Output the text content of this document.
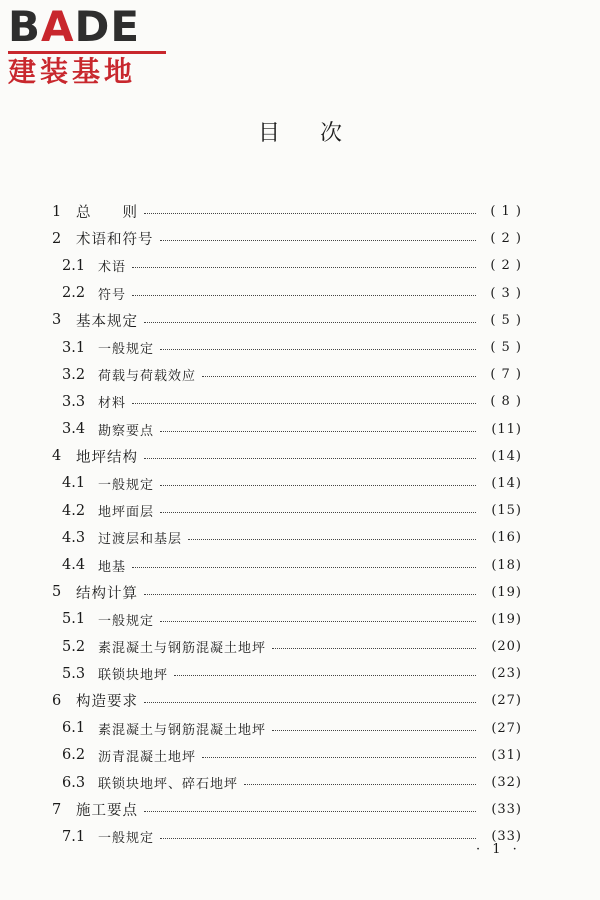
BADE
建装基地
目次
1	总　　则	( 1 )
2	术语和符号	( 2 )
2.1 术语	( 2 )
2.2 符号	( 3 )
3	基本规定	( 5 )
3.1 一般规定	( 5 )
3.2 荷载与荷载效应	( 7 )
3.3 材料	( 8 )
3.4 勘察要点	(11)
4	地坪结构	(14)
4.1 一般规定	(14)
4.2 地坪面层	(15)
4.3 过渡层和基层	(16)
4.4 地基	(18)
5	结构计算	(19)
5.1 一般规定	(19)
5.2 素混凝土与钢筋混凝土地坪	(20)
5.3 联锁块地坪	(23)
6	构造要求	(27)
6.1 素混凝土与钢筋混凝土地坪	(27)
6.2 沥青混凝土地坪	(31)
6.3 联锁块地坪、碎石地坪	(32)
7	施工要点	(33)
7.1 一般规定	(33)
· 1 ·
